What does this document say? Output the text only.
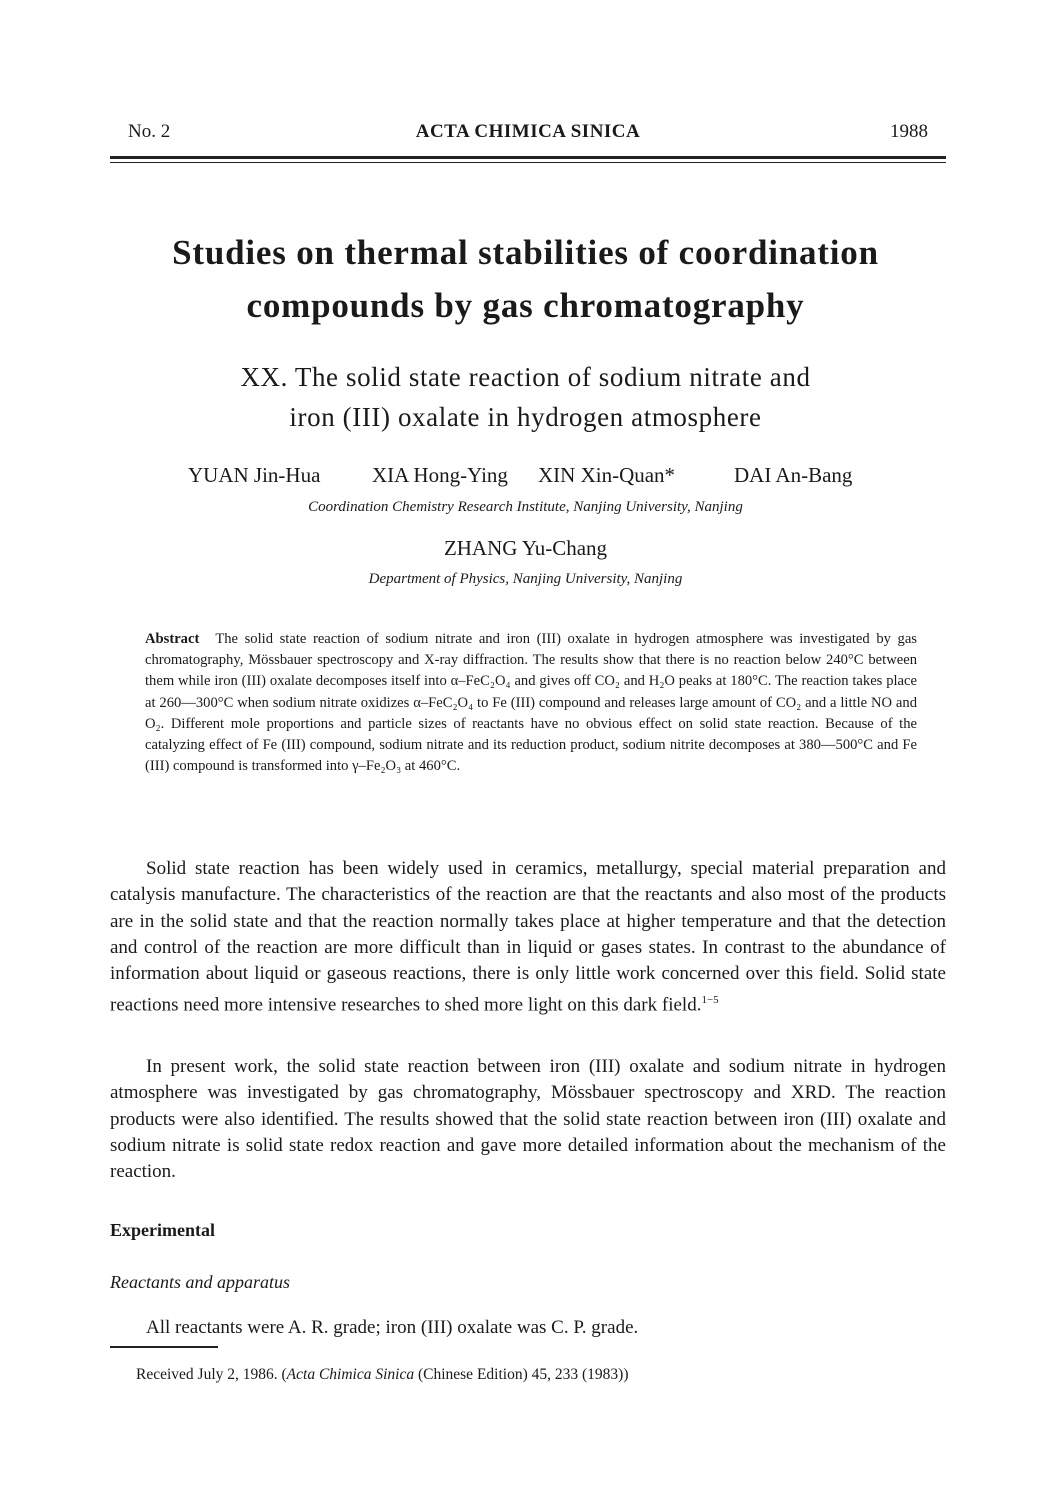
No. 2	ACTA CHIMICA SINICA	1988
Studies on thermal stabilities of coordination
compounds by gas chromatography
XX. The solid state reaction of sodium nitrate and
iron (III) oxalate in hydrogen atmosphere
YUAN Jin-Hua XIA Hong-Ying XIN Xin-Quan*	DAI An-Bang
Coordination Chemistry Research Institute, Nanjing University, Nanjing
ZHANG Yu-Chang
Department of Physics, Nanjing University, Nanjing
Abstract The solid state reaction of sodium nitrate and iron (III) oxalate in hydrogen atmosphere was investigated by gas chromatography, Mössbauer spectroscopy and X-ray diffraction. The results show that there is no reaction below 240°C between them while iron (III) oxalate decomposes itself into α–FeC₂O₄ and gives off CO₂ and H₂O peaks at 180°C. The reaction takes place at 260—300°C when sodium nitrate oxidizes α–FeC₂O₄ to Fe (III) compound and releases large amount of CO₂ and a little NO and O₂. Different mole proportions and particle sizes of reactants have no obvious effect on solid state reaction. Because of the catalyzing effect of Fe (III) compound, sodium nitrate and its reduction product, sodium nitrite decomposes at 380—500°C and Fe (III) compound is transformed into γ–Fe₂O₃ at 460°C.

Solid state reaction has been widely used in ceramics, metallurgy, special material preparation and catalysis manufacture. The characteristics of the reaction are that the reactants and also most of the products are in the solid state and that the reaction normally takes place at higher temperature and that the detection and control of the reaction are more difficult than in liquid or gases states. In contrast to the abundance of information about liquid or gaseous reactions, there is only little work concerned over this field. Solid state reactions need more intensive researches to shed more light on this dark field.$^{1-5}$

In present work, the solid state reaction between iron (III) oxalate and sodium nitrate in hydrogen atmosphere was investigated by gas chromatography, Mössbauer spectroscopy and XRD. The reaction products were also identified. The results showed that the solid state reaction between iron (III) oxalate and sodium nitrate is solid state redox reaction and gave more detailed information about the mechanism of the reaction.

Experimental
Reactants and apparatus
All reactants were A. R. grade; iron (III) oxalate was C. P. grade.
Received July 2, 1986. (Acta Chimica Sinica (Chinese Edition) 45, 233 (1983))
